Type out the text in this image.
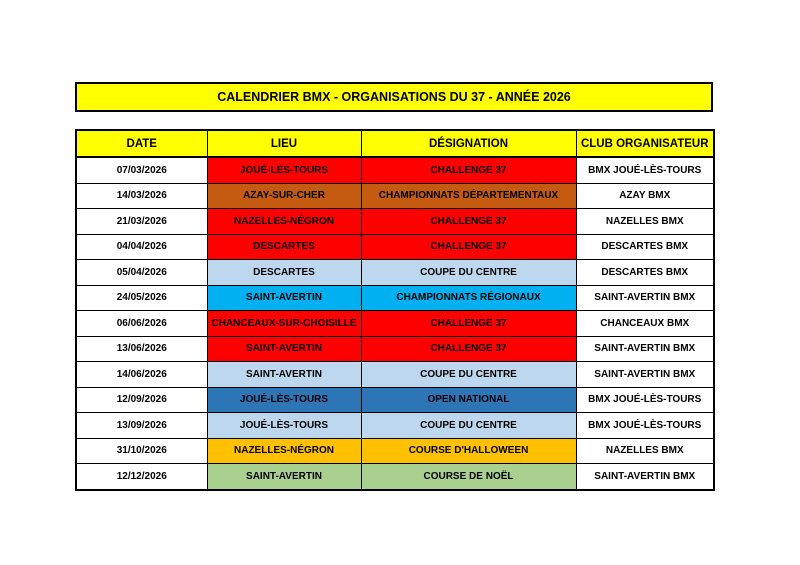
CALENDRIER BMX - ORGANISATIONS DU 37 - ANNÉE 2026
DATE	LIEU	DÉSIGNATION	CLUB ORGANISATEUR
07/03/2026	JOUÉ-LÈS-TOURS	CHALLENGE 37	BMX JOUÉ-LÈS-TOURS
14/03/2026	AZAY-SUR-CHER	CHAMPIONNATS DÉPARTEMENTAUX	AZAY BMX
21/03/2026	NAZELLES-NÉGRON	CHALLENGE 37	NAZELLES BMX
04/04/2026	DESCARTES	CHALLENGE 37	DESCARTES BMX
05/04/2026	DESCARTES	COUPE DU CENTRE	DESCARTES BMX
24/05/2026	SAINT-AVERTIN	CHAMPIONNATS RÉGIONAUX	SAINT-AVERTIN BMX
06/06/2026	CHANCEAUX-SUR-CHOISILLE	CHALLENGE 37	CHANCEAUX BMX
13/06/2026	SAINT-AVERTIN	CHALLENGE 37	SAINT-AVERTIN BMX
14/06/2026	SAINT-AVERTIN	COUPE DU CENTRE	SAINT-AVERTIN BMX
12/09/2026	JOUÉ-LÈS-TOURS	OPEN NATIONAL	BMX JOUÉ-LÈS-TOURS
13/09/2026	JOUÉ-LÈS-TOURS	COUPE DU CENTRE	BMX JOUÉ-LÈS-TOURS
31/10/2026	NAZELLES-NÉGRON	COURSE D'HALLOWEEN	NAZELLES BMX
12/12/2026	SAINT-AVERTIN	COURSE DE NOËL	SAINT-AVERTIN BMX
